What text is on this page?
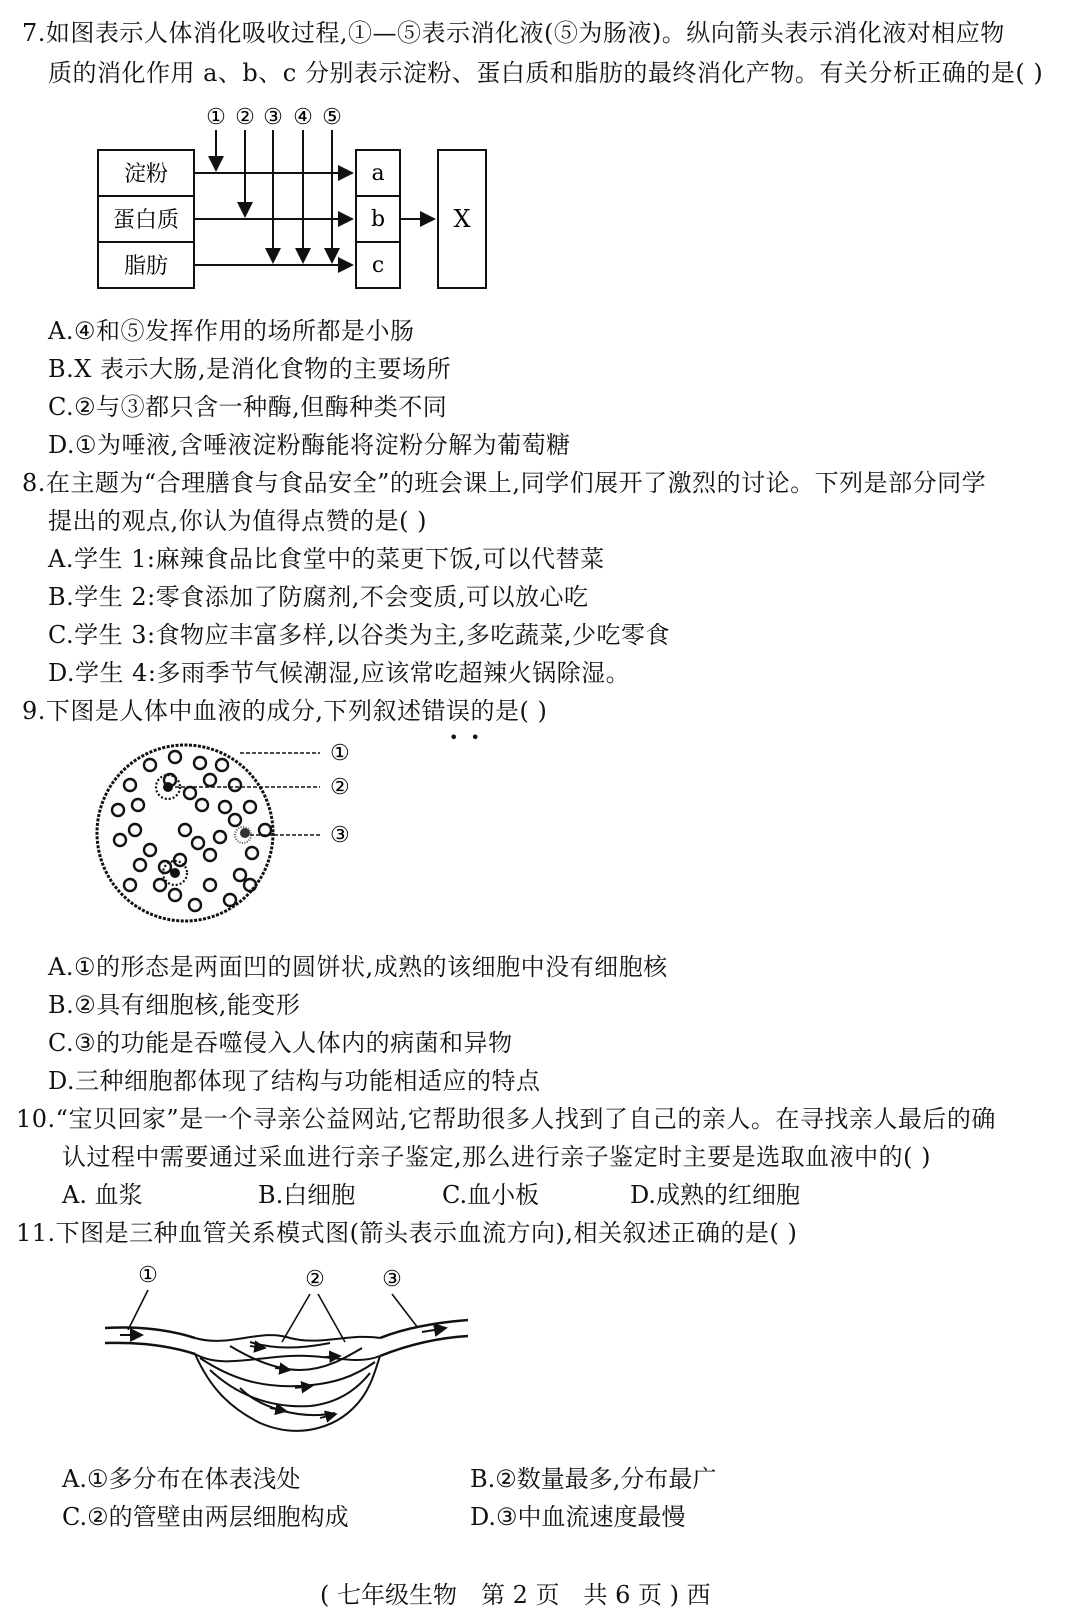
7.如图表示人体消化吸收过程,①—⑤表示消化液(⑤为肠液)。纵向箭头表示消化液对相应物
质的消化作用 a、b、c 分别表示淀粉、蛋白质和脂肪的最终消化产物。有关分析正确的是( )
① ② ③ ④ ⑤
淀粉
蛋白质
脂肪
a
b
c
X
A.④和⑤发挥作用的场所都是小肠
B.X 表示大肠,是消化食物的主要场所
C.②与③都只含一种酶,但酶种类不同
D.①为唾液,含唾液淀粉酶能将淀粉分解为葡萄糖
8.在主题为“合理膳食与食品安全”的班会课上,同学们展开了激烈的讨论。下列是部分同学
提出的观点,你认为值得点赞的是( )
A.学生 1:麻辣食品比食堂中的菜更下饭,可以代替菜
B.学生 2:零食添加了防腐剂,不会变质,可以放心吃
C.学生 3:食物应丰富多样,以谷类为主,多吃蔬菜,少吃零食
D.学生 4:多雨季节气候潮湿,应该常吃超辣火锅除湿。
9.下图是人体中血液的成分,下列叙述错误的是( )
••
①
②
③
A.①的形态是两面凹的圆饼状,成熟的该细胞中没有细胞核
B.②具有细胞核,能变形
C.③的功能是吞噬侵入人体内的病菌和异物
D.三种细胞都体现了结构与功能相适应的特点
10.“宝贝回家”是一个寻亲公益网站,它帮助很多人找到了自己的亲人。在寻找亲人最后的确
认过程中需要通过采血进行亲子鉴定,那么进行亲子鉴定时主要是选取血液中的( )
A. 血浆	B.白细胞	C.血小板	D.成熟的红细胞
11.下图是三种血管关系模式图(箭头表示血流方向),相关叙述正确的是( )
①	②	③
A.①多分布在体表浅处	B.②数量最多,分布最广
C.②的管壁由两层细胞构成	D.③中血流速度最慢
( 七年级生物　第 2 页　共 6 页 ) 西
